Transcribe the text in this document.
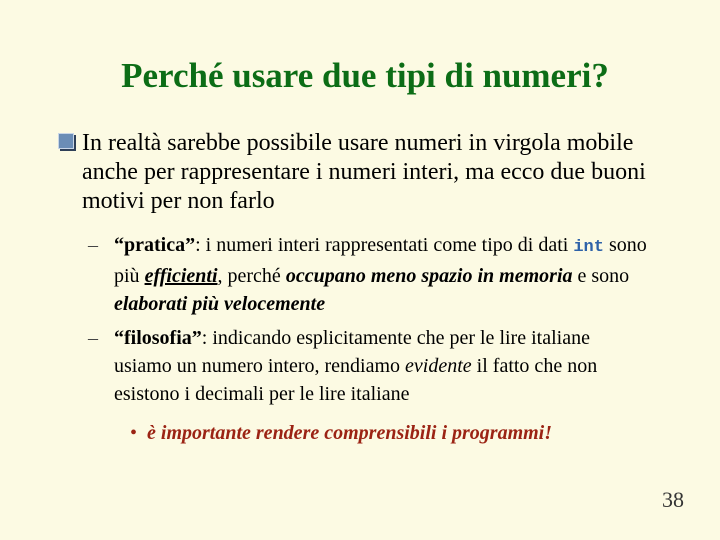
Perché usare due tipi di numeri?
In realtà sarebbe possibile usare numeri in virgola mobile anche per rappresentare i numeri interi, ma ecco due buoni motivi per non farlo
– “pratica”: i numeri interi rappresentati come tipo di dati int sono più efficienti, perché occupano meno spazio in memoria e sono elaborati più velocemente
– “filosofia”: indicando esplicitamente che per le lire italiane usiamo un numero intero, rendiamo evidente il fatto che non esistono i decimali per le lire italiane
• è importante rendere comprensibili i programmi!
38
